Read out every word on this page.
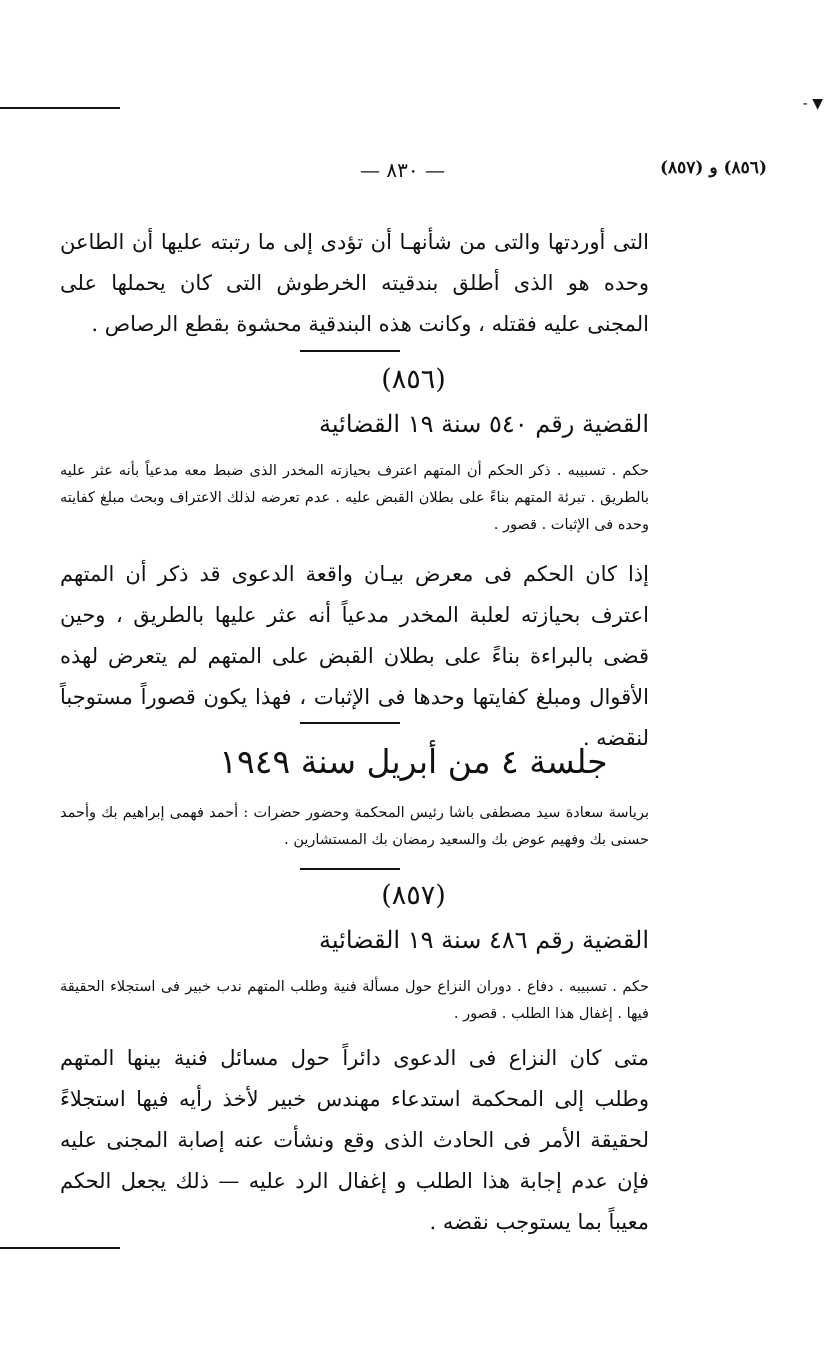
- ▼
— ٨٣٠ —	(٨٥٦) و (٨٥٧)
التى أوردتها والتى من شأنهـا أن تؤدى إلى ما رتبته عليها أن الطاعن وحده هو الذى أطلق بندقيته الخرطوش التى كان يحملها على المجنى عليه فقتله ، وكانت هذه البندقية محشوة بقطع الرصاص .
(٨٥٦)
القضية رقم ٥٤٠ سنة ١٩ القضائية
حكم . تسبيبه . ذكر الحكم أن المتهم اعترف بحيازته المخدر الذى ضبط معه مدعياً بأنه عثر عليه بالطريق . تبرئة المتهم بناءً على بطلان القبض عليه . عدم تعرضه لذلك الاعتراف وبحث مبلغ كفايته وحده فى الإثبات . قصور .
إذا كان الحكم فى معرض بيـان واقعة الدعوى قد ذكر أن المتهم اعترف بحيازته لعلبة المخدر مدعياً أنه عثر عليها بالطريق ، وحين قضى بالبراءة بناءً على بطلان القبض على المتهم لم يتعرض لهذه الأقوال ومبلغ كفايتها وحدها فى الإثبات ، فهذا يكون قصوراً مستوجباً لنقضه .
جلسة ٤ من أبريل سنة ١٩٤٩
برياسة سعادة سيد مصطفى باشا رئيس المحكمة وحضور حضرات : أحمد فهمى إبراهيم بك وأحمد حسنى بك وفهيم عوض بك والسعيد رمضان بك المستشارين .
(٨٥٧)
القضية رقم ٤٨٦ سنة ١٩ القضائية
حكم . تسبيبه . دفاع . دوران النزاع حول مسألة فنية وطلب المتهم ندب خبير فى استجلاء الحقيقة فيها . إغفال هذا الطلب . قصور .
متى كان النزاع فى الدعوى دائراً حول مسائل فنية بينها المتهم وطلب إلى المحكمة استدعاء مهندس خبير لأخذ رأيه فيها استجلاءً لحقيقة الأمر فى الحادث الذى وقع ونشأت عنه إصابة المجنى عليه فإن عدم إجابة هذا الطلب و إغفال الرد عليه — ذلك يجعل الحكم معيباً بما يستوجب نقضه .
